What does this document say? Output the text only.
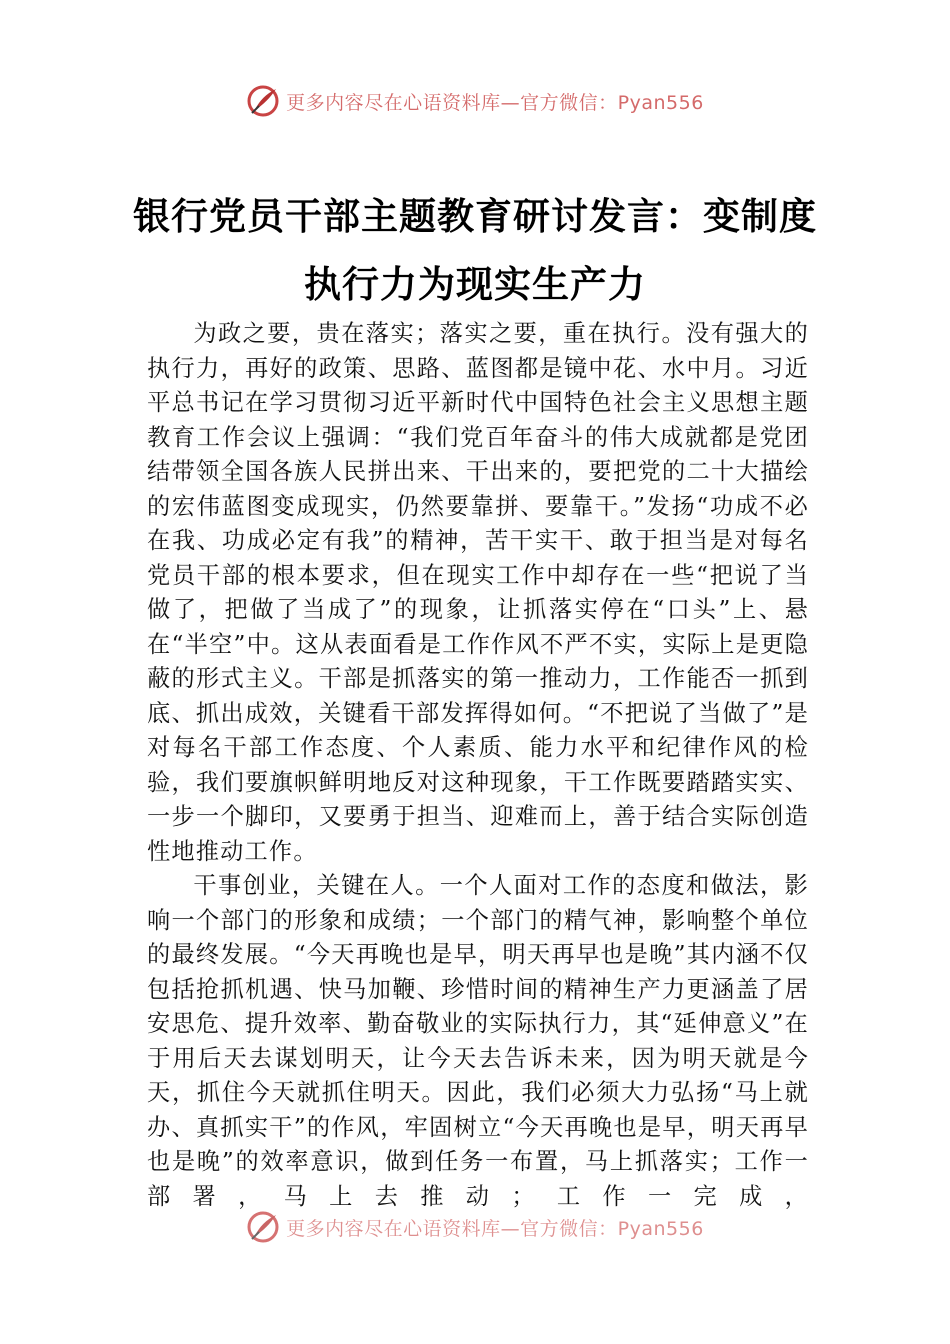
更多内容尽在心语资料库—官方微信：Pyan556
银行党员干部主题教育研讨发言：变制度
执行力为现实生产力

为政之要，贵在落实；落实之要，重在执行。没有强大的执行力，再好的政策、思路、蓝图都是镜中花、水中月。习近平总书记在学习贯彻习近平新时代中国特色社会主义思想主题教育工作会议上强调：“我们党百年奋斗的伟大成就都是党团结带领全国各族人民拼出来、干出来的，要把党的二十大描绘的宏伟蓝图变成现实，仍然要靠拼、要靠干。”发扬“功成不必在我、功成必定有我”的精神，苦干实干、敢于担当是对每名党员干部的根本要求，但在现实工作中却存在一些“把说了当做了，把做了当成了”的现象，让抓落实停在“口头”上、悬在“半空”中。这从表面看是工作作风不严不实，实际上是更隐蔽的形式主义。干部是抓落实的第一推动力，工作能否一抓到底、抓出成效，关键看干部发挥得如何。“不把说了当做了”是对每名干部工作态度、个人素质、能力水平和纪律作风的检验，我们要旗帜鲜明地反对这种现象，干工作既要踏踏实实、一步一个脚印，又要勇于担当、迎难而上，善于结合实际创造性地推动工作。

干事创业，关键在人。一个人面对工作的态度和做法，影响一个部门的形象和成绩；一个部门的精气神，影响整个单位的最终发展。“今天再晚也是早，明天再早也是晚”其内涵不仅包括抢抓机遇、快马加鞭、珍惜时间的精神生产力更涵盖了居安思危、提升效率、勤奋敬业的实际执行力，其“延伸意义”在于用后天去谋划明天，让今天去告诉未来，因为明天就是今天，抓住今天就抓住明天。因此，我们必须大力弘扬“马上就办、真抓实干”的作风，牢固树立“今天再晚也是早，明天再早也是晚”的效率意识，做到任务一布置，马上抓落实；工作一部署，马上去推动；工作一完成，

更多内容尽在心语资料库—官方微信：Pyan556
